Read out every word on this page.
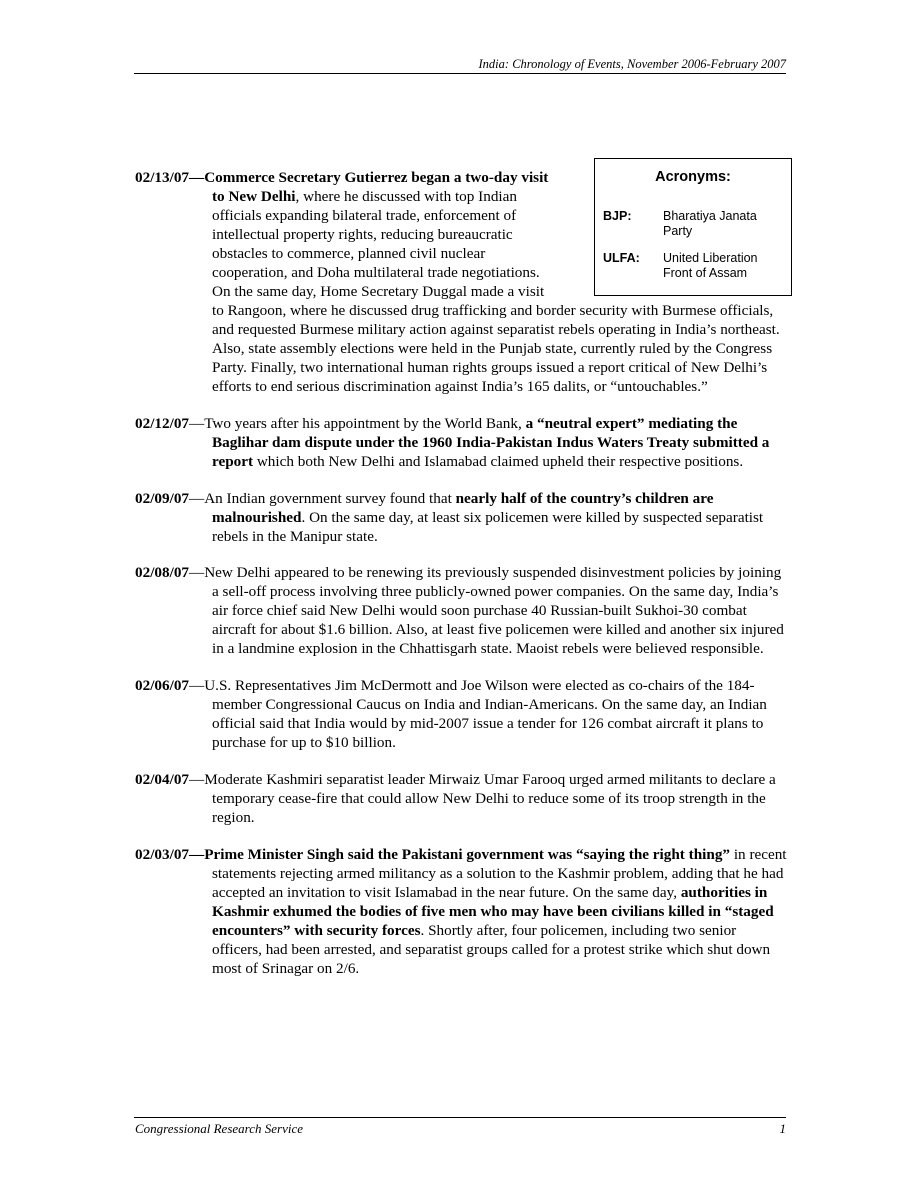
India: Chronology of Events, November 2006-February 2007
Acronyms:
BJP:	Bharatiya Janata Party
ULFA:	United Liberation Front of Assam

02/13/07—Commerce Secretary Gutierrez began a two-day visit to New Delhi, where he discussed with top Indian officials expanding bilateral trade, enforcement of intellectual property rights, reducing bureaucratic obstacles to commerce, planned civil nuclear cooperation, and Doha multilateral trade negotiations. On the same day, Home Secretary Duggal made a visit to Rangoon, where he discussed drug trafficking and border security with Burmese officials, and requested Burmese military action against separatist rebels operating in India’s northeast. Also, state assembly elections were held in the Punjab state, currently ruled by the Congress Party. Finally, two international human rights groups issued a report critical of New Delhi’s efforts to end serious discrimination against India’s 165 dalits, or “untouchables.”

02/12/07—Two years after his appointment by the World Bank, a “neutral expert” mediating the Baglihar dam dispute under the 1960 India-Pakistan Indus Waters Treaty submitted a report which both New Delhi and Islamabad claimed upheld their respective positions.

02/09/07—An Indian government survey found that nearly half of the country’s children are malnourished. On the same day, at least six policemen were killed by suspected separatist rebels in the Manipur state.

02/08/07—New Delhi appeared to be renewing its previously suspended disinvestment policies by joining a sell-off process involving three publicly-owned power companies. On the same day, India’s air force chief said New Delhi would soon purchase 40 Russian-built Sukhoi-30 combat aircraft for about $1.6 billion. Also, at least five policemen were killed and another six injured in a landmine explosion in the Chhattisgarh state. Maoist rebels were believed responsible.

02/06/07—U.S. Representatives Jim McDermott and Joe Wilson were elected as co-chairs of the 184-member Congressional Caucus on India and Indian-Americans. On the same day, an Indian official said that India would by mid-2007 issue a tender for 126 combat aircraft it plans to purchase for up to $10 billion.

02/04/07—Moderate Kashmiri separatist leader Mirwaiz Umar Farooq urged armed militants to declare a temporary cease-fire that could allow New Delhi to reduce some of its troop strength in the region.

02/03/07—Prime Minister Singh said the Pakistani government was “saying the right thing” in recent statements rejecting armed militancy as a solution to the Kashmir problem, adding that he had accepted an invitation to visit Islamabad in the near future. On the same day, authorities in Kashmir exhumed the bodies of five men who may have been civilians killed in “staged encounters” with security forces. Shortly after, four policemen, including two senior officers, had been arrested, and separatist groups called for a protest strike which shut down most of Srinagar on 2/6.

Congressional Research Service	1
